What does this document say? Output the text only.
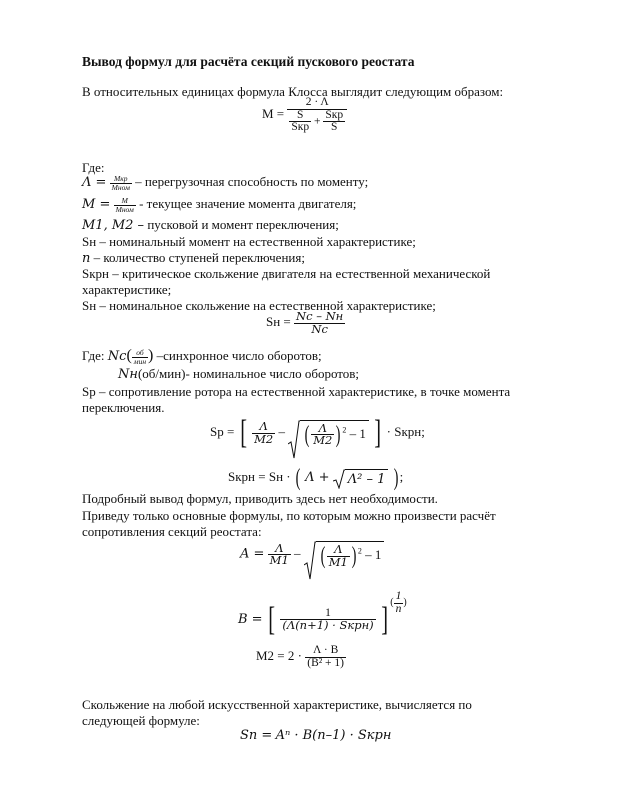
Вывод формул для расчёта секций пускового реостата
В относительных единицах формула Клосса выглядит следующим образом:
$M = \frac{2 \cdot \Lambda}{\frac{S}{\text{Sкр}} + \frac{\text{Sкр}}{S}}$
Где:
$\Lambda = \frac{\text{Mкр}}{\text{Mном}}$ – перегрузочная способность по моменту;
$M = \frac{M}{\text{Mном}}$ - текущее значение момента двигателя;
M1, M2 – пусковой и момент переключения;
Sн – номинальный момент на естественной характеристике;
n – количество ступеней переключения;
Sкрн – критическое скольжение двигателя на естественной механической
характеристике;
Sн – номинальное скольжение на естественной характеристике;
Sн = $\frac{Nc - Nн}{Nc}$
Где: $Nc( \frac{об}{\text{мин}}$ ) –синхронное число оборотов;
Nн(об/мин)- номинальное число оборотов;
Sр – сопротивление ротора на естественной характеристике, в точке момента
переключения.
Sр = [ $\frac{\Lambda}{M2}$ – ( $\frac{\Lambda}{M2}$ ) $^2$ – 1 ] · Sкрн;
Sкрн = Sн · ( Λ + Λ² – 1 ) ;
Подробный вывод формул, приводить здесь нет необходимости.
Приведу только основные формулы, по которым можно произвести расчёт
сопротивления секций реостата:
$A = \frac{\Lambda}{M1}$ – ( $\frac{\Lambda}{M1}$ ) $^2$ – 1
B = [ $\frac{1}{\text{(Λ(n+1) · Sкрн)}}$ ] $^{( \frac{1}{n} )}$
$M2 = 2 \cdot \frac{\Lambda \cdot B}{\text{(B² + 1)}}$
Скольжение на любой искусственной характеристике, вычисляется по
следующей формуле:
Sn = Aⁿ · B(n–1) · Sкрн
